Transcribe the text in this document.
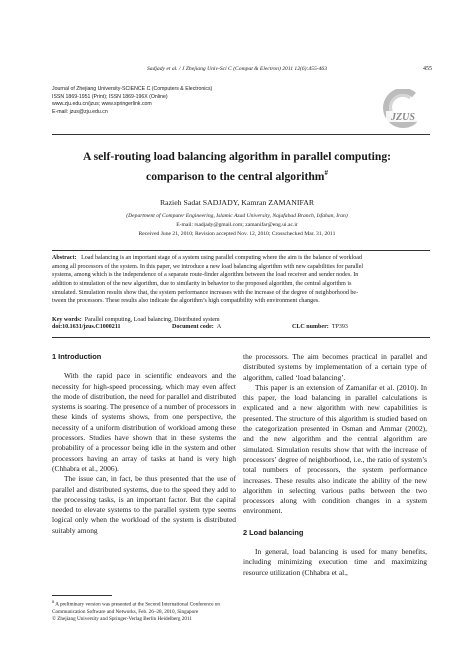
Sadjady et al. / J Zhejiang Univ-Sci C (Comput & Electron) 2011 12(6):455-463	455
Journal of Zhejiang University-SCIENCE C (Computers & Electronics)
ISSN 1869-1951 (Print); ISSN 1869-196X (Online)
www.zju.edu.cn/jzus; www.springerlink.com
E-mail: jzus@zju.edu.cn
JZUS
A self-routing load balancing algorithm in parallel computing:
comparison to the central algorithm#
Razieh Sadat SADJADY, Kamran ZAMANIFAR
(Department of Computer Engineering, Islamic Azad University, Najafabad Branch, Isfahan, Iran)
E-mail: rsadjady@gmail.com; zamanifar@eng.ui.ac.ir
Received June 21, 2010; Revision accepted Nov. 12, 2010; Crosschecked Mar. 31, 2011
Abstract: Load balancing is an important stage of a system using parallel computing where the aim is the balance of workload
among all processors of the system. In this paper, we introduce a new load balancing algorithm with new capabilities for parallel
systems, among which is the independence of a separate route-finder algorithm between the load receiver and sender nodes. In
addition to simulation of the new algorithm, due to similarity in behavior to the proposed algorithm, the central algorithm is
simulated. Simulation results show that, the system performance increases with the increase of the degree of neighborhood be-
tween the processors. These results also indicate the algorithm’s high compatibility with environment changes.
Key words: Parallel computing, Load balancing, Distributed system
doi:10.1631/jzus.C1000211	Document code: A	CLC number: TP393
1 Introduction

With the rapid pace in scientific endeavors and the necessity for high-speed processing, which may even affect the mode of distribution, the need for parallel and distributed systems is soaring. The presence of a number of processors in these kinds of systems shows, from one perspective, the necessity of a uniform distribution of workload among these processors. Studies have shown that in these systems the probability of a processor being idle in the system and other processors having an array of tasks at hand is very high (Chhabra et al., 2006).

The issue can, in fact, be thus presented that the use of parallel and distributed systems, due to the speed they add to the processing tasks, is an important factor. But the capital needed to elevate systems to the parallel system type seems logical only when the workload of the system is distributed suitably among

the processors. The aim becomes practical in parallel and distributed systems by implementation of a certain type of algorithm, called ‘load balancing’.

This paper is an extension of Zamanifar et al. (2010). In this paper, the load balancing in parallel calculations is explicated and a new algorithm with new capabilities is presented. The structure of this algorithm is studied based on the categorization presented in Osman and Ammar (2002), and the new algorithm and the central algorithm are simulated. Simulation results show that with the increase of processors’ degree of neighborhood, i.e., the ratio of system’s total numbers of processors, the system performance increases. These results also indicate the ability of the new algorithm in selecting various paths between the two processors along with condition changes in a system environment.

2 Load balancing

In general, load balancing is used for many benefits, including minimizing execution time and maximizing resource utilization (Chhabra et al.,

# A preliminary version was presented at the Second International Conference on Communication Software and Networks, Feb. 26–28, 2010, Singapore
© Zhejiang University and Springer-Verlag Berlin Heidelberg 2011
